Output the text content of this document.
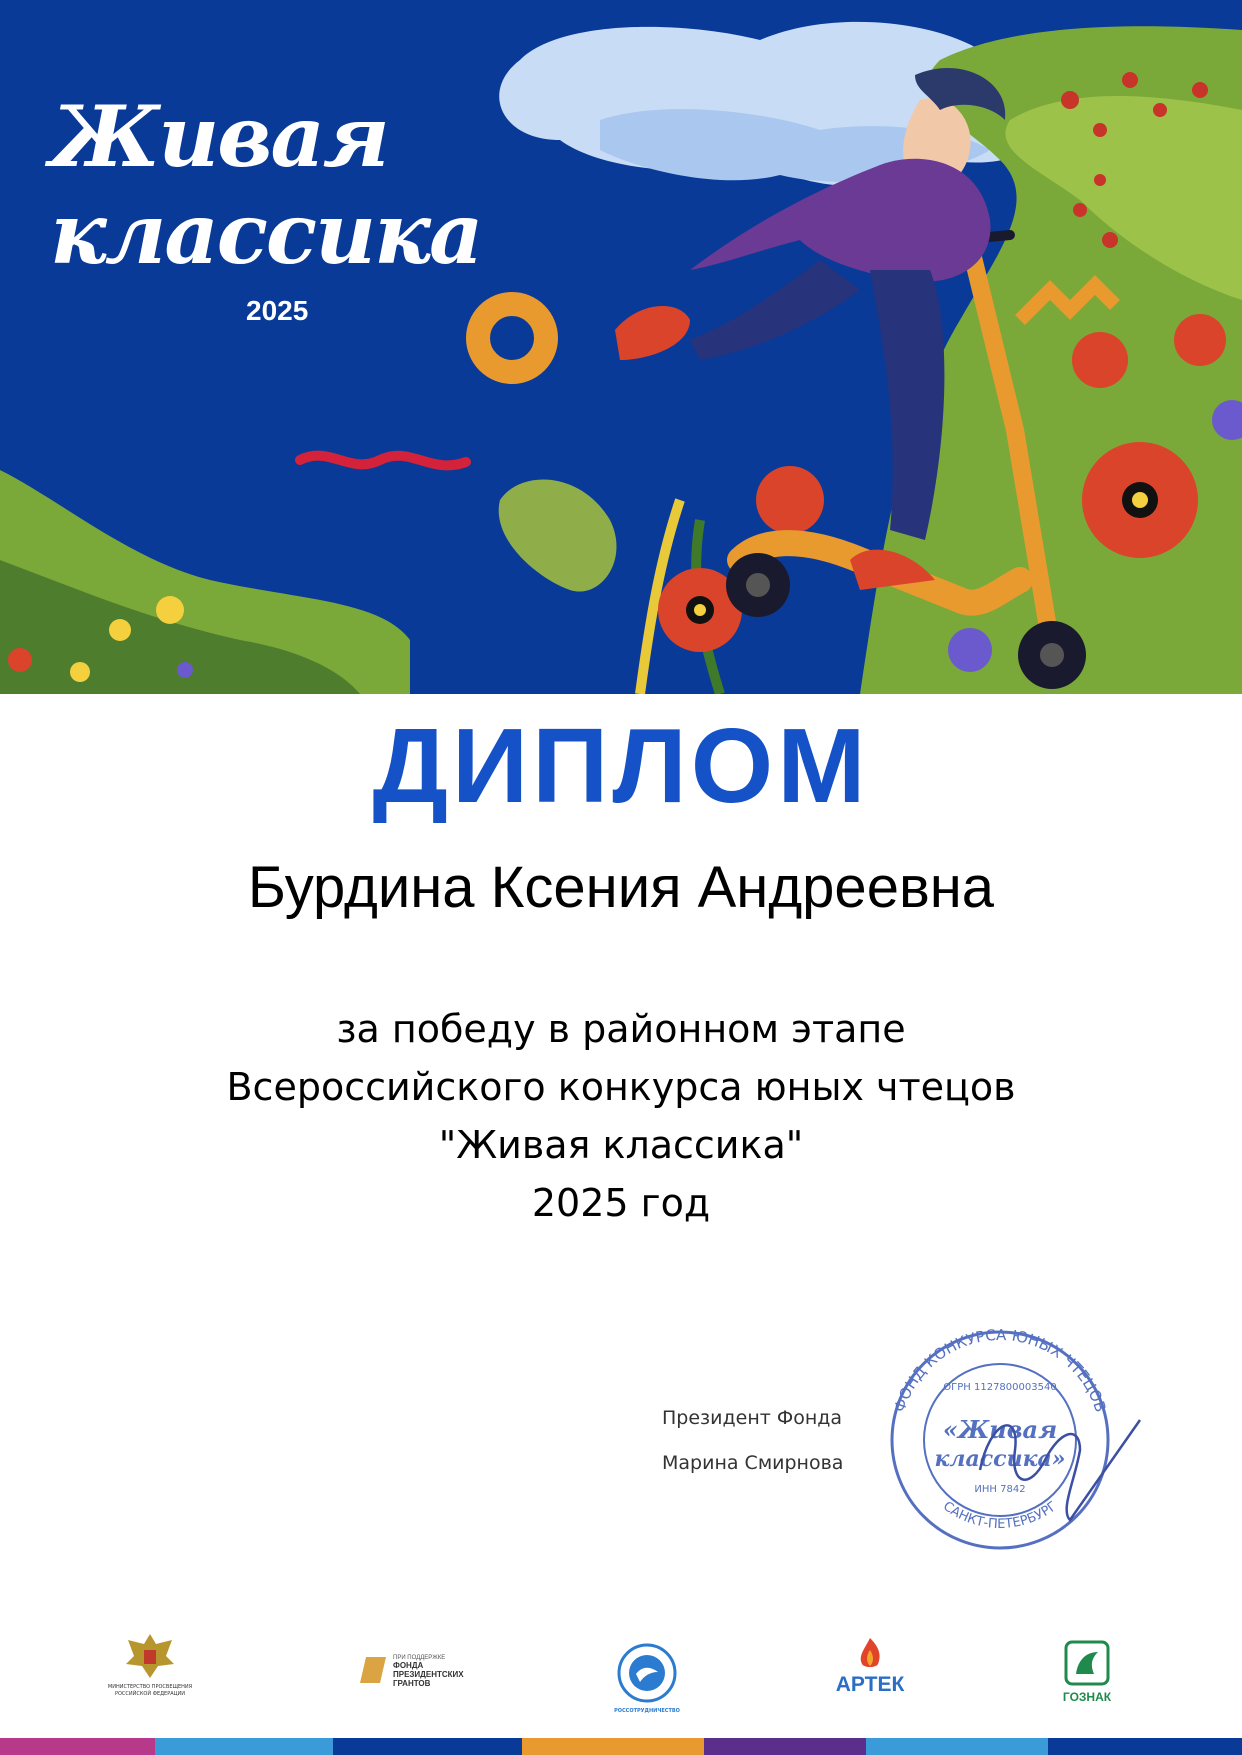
Живая
классика
2025
ДИПЛОМ
Бурдина Ксения Андреевна
за победу в районном этапе
Всероссийского конкурса юных чтецов
"Живая классика"
2025 год
Президент Фонда
Марина Смирнова
ФОНД КОНКУРСА ЮНЫХ ЧТЕЦОВ
САНКТ-ПЕТЕРБУРГ
ОГРН 1127800003540
«Живая
классика»
ИНН 7842
МИНИСТЕРСТВО ПРОСВЕЩЕНИЯ
РОССИЙСКОЙ ФЕДЕРАЦИИ
ПРИ ПОДДЕРЖКЕ
ФОНДА
ПРЕЗИДЕНТСКИХ
ГРАНТОВ
РОССОТРУДНИЧЕСТВО
АРТЕК
ГОЗНАК
